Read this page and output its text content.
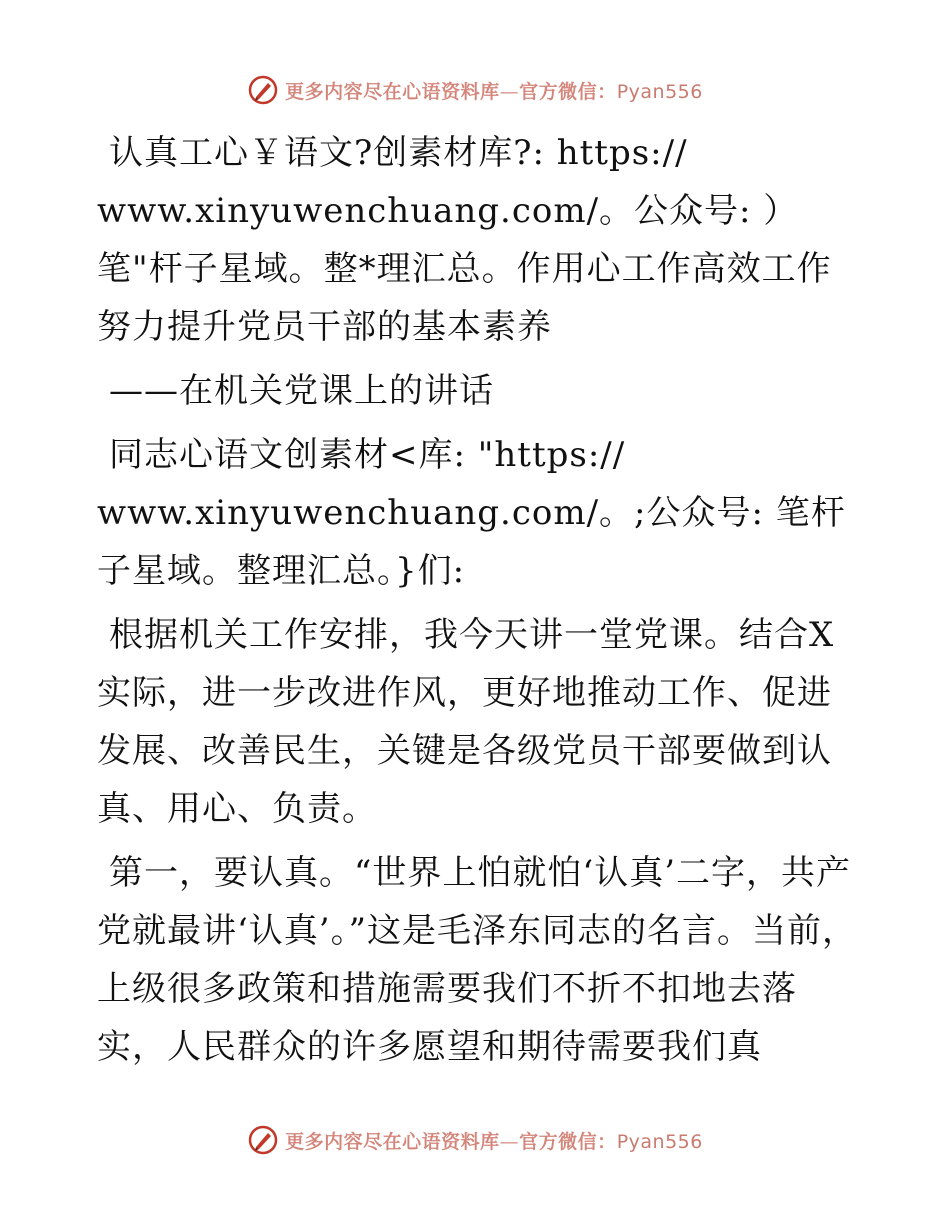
更多内容尽在心语资料库—官方微信：Pyan556

认真工心￥语文?创素材库?: https://
www.xinyuwenchuang.com/。公众号: ）笔"杆子星域。整*理汇总。作用心工作高效工作 努力提升党员干部的基本素养

——在机关党课上的讲话

同志心语文创素材<库: "https://
www.xinyuwenchuang.com/。;公众号: 笔杆子星域。整理汇总。}们:

根据机关工作安排，我今天讲一堂党课。结合X实际，进一步改进作风，更好地推动工作、促进发展、改善民生，关键是各级党员干部要做到认真、用心、负责。

第一，要认真。“世界上怕就怕‘认真’二字，共产党就最讲‘认真’。”这是毛泽东同志的名言。当前，上级很多政策和措施需要我们不折不扣地去落实，人民群众的许多愿望和期待需要我们真

更多内容尽在心语资料库—官方微信：Pyan556
